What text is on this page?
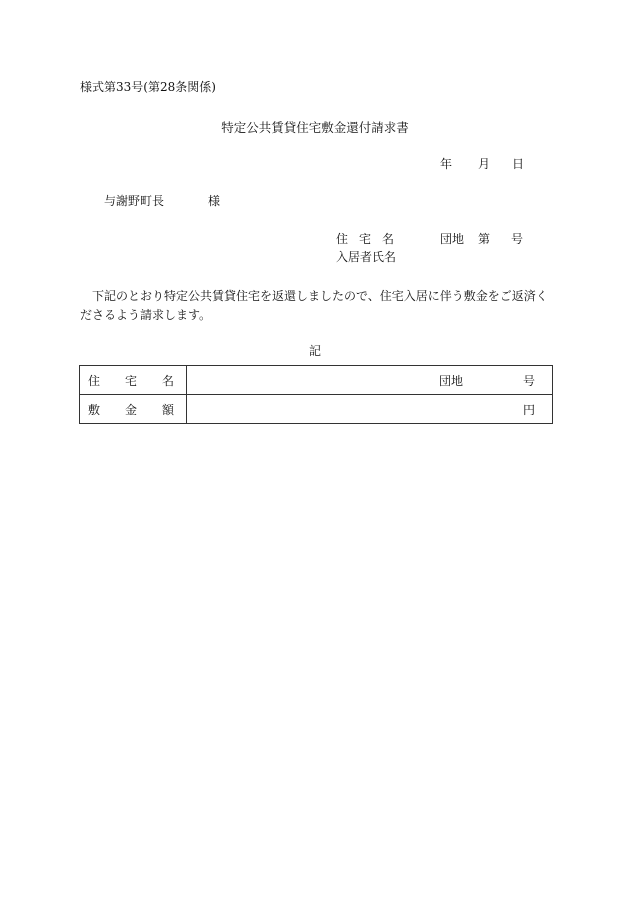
様式第33号(第28条関係)
特定公共賃貸住宅敷金還付請求書
年 月 日
与謝野町長	様
住宅名	団地 第 号
入居者氏名
下記のとおり特定公共賃貸住宅を返還しましたので、住宅入居に伴う敷金をご返済くださるよう請求します。
記
住 宅 名	団地 号

敷 金 額	円
